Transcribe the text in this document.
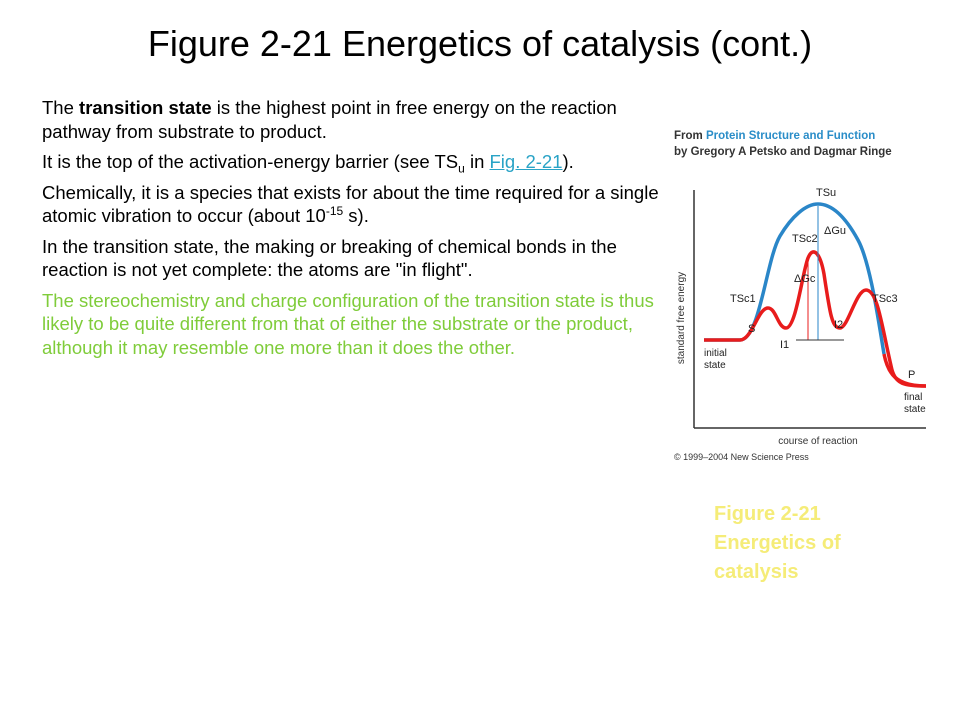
Figure 2-21 Energetics of catalysis (cont.)

The transition state is the highest point in free energy on the reaction pathway from substrate to product.

It is the top of the activation-energy barrier (see $TS_u$ in Fig. 2-21).

Chemically, it is a species that exists for about the time required for a single atomic vibration to occur (about $10^{-15}$ s).

In the transition state, the making or breaking of chemical bonds in the reaction is not yet complete: the atoms are "in flight".

The stereochemistry and charge configuration of the transition state is thus likely to be quite different from that of either the substrate or the product, although it may resemble one more than it does the other.

From Protein Structure and Function
by Gregory A Petsko and Dagmar Ringe
standard free energy
course of reaction
TSu
TSc2
ΔGu
ΔGc
TSc1	TSc3
S
I1
I2
P
initial
state
final
state
© 1999–2004 New Science Press
Figure 2-21
Energetics of
catalysis
